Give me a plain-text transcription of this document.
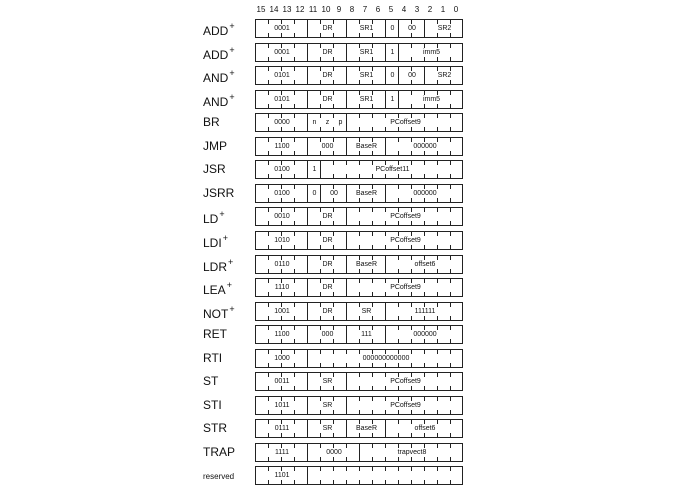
15 14 13 12 11 10 9	8	7	6	5	4	3	2	1	0
ADD+	0001	DR	SR1	0	00	SR2
ADD+	0001	DR	SR1	1	imm5
AND+	0101	DR	SR1	0	00	SR2
AND+	0101	DR	SR1	1	imm5
BR	0000	n	z	p	PCoffset9
JMP	1100	000	BaseR	000000
JSR	0100	1	PCoffset11
JSRR	0100	0	00	BaseR	000000
LD+	0010	DR	PCoffset9
LDI+	1010	DR	PCoffset9
LDR+	0110	DR	BaseR	offset6
LEA+	1110	DR	PCoffset9
NOT+	1001	DR	SR	111111
RET	1100	000	111	000000
RTI	1000	000000000000
ST	0011	SR	PCoffset9
STI	1011	SR	PCoffset9
STR	0111	SR	BaseR	offset6
TRAP	1111	0000	trapvect8
reserved	1101
